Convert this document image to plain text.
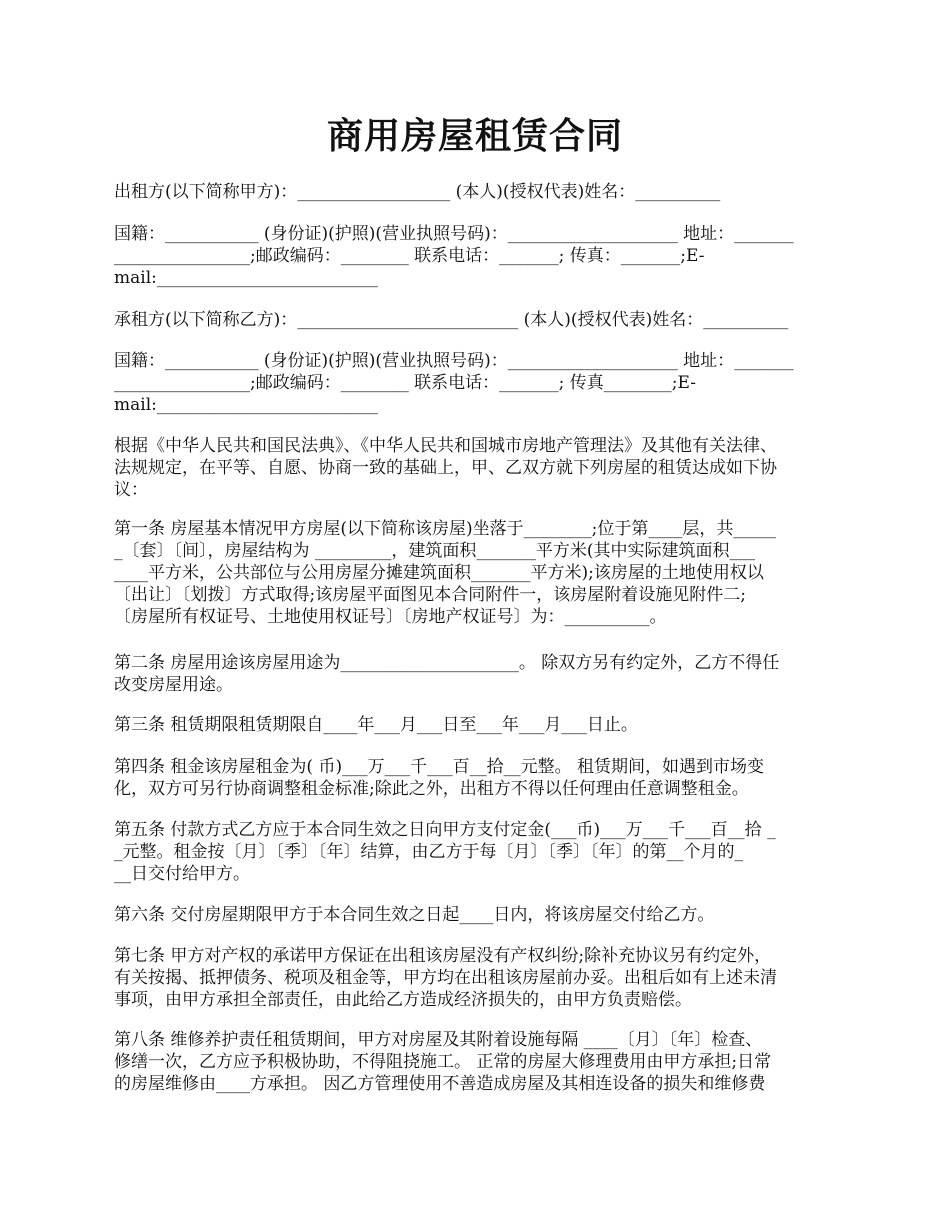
商用房屋租赁合同
出租方(以下简称甲方)：__________________ (本人)(授权代表)姓名：__________
国籍：___________ (身份证)(护照)(营业执照号码)：____________________ 地址：_______
________________;邮政编码：________ 联系电话：_______; 传真：_______;E-
mail:__________________________
承租方(以下简称乙方)：__________________________ (本人)(授权代表)姓名：__________
国籍：___________ (身份证)(护照)(营业执照号码)：____________________ 地址：_______
________________;邮政编码：________ 联系电话：_______; 传真________;E-
mail:__________________________
根据《中华人民共和国民法典》、《中华人民共和国城市房地产管理法》及其他有关法律、
法规规定，在平等、自愿、协商一致的基础上，甲、乙双方就下列房屋的租赁达成如下协
议：
第一条 房屋基本情况甲方房屋(以下简称该房屋)坐落于________;位于第____层，共_____
_〔套〕〔间〕，房屋结构为 _________，建筑面积_______平方米(其中实际建筑面积___
____平方米，公共部位与公用房屋分摊建筑面积_______平方米);该房屋的土地使用权以
〔出让〕〔划拨〕方式取得;该房屋平面图见本合同附件一，该房屋附着设施见附件二;
〔房屋所有权证号、土地使用权证号〕〔房地产权证号〕为：__________。
第二条 房屋用途该房屋用途为_____________________。 除双方另有约定外，乙方不得任
改变房屋用途。
第三条 租赁期限租赁期限自____年___月___日至___年___月___日止。
第四条 租金该房屋租金为( 币)___万___千___百__拾__元整。 租赁期间，如遇到市场变
化，双方可另行协商调整租金标准;除此之外，出租方不得以任何理由任意调整租金。
第五条 付款方式乙方应于本合同生效之日向甲方支付定金(___币)___万___千___百__拾 _
_元整。租金按〔月〕〔季〕〔年〕结算，由乙方于每〔月〕〔季〕〔年〕的第__个月的_
__日交付给甲方。
第六条 交付房屋期限甲方于本合同生效之日起____日内，将该房屋交付给乙方。
第七条 甲方对产权的承诺甲方保证在出租该房屋没有产权纠纷;除补充协议另有约定外，
有关按揭、抵押债务、税项及租金等，甲方均在出租该房屋前办妥。出租后如有上述未清
事项，由甲方承担全部责任，由此给乙方造成经济损失的，由甲方负责赔偿。
第八条 维修养护责任租赁期间，甲方对房屋及其附着设施每隔 ____〔月〕〔年〕检查、
修缮一次，乙方应予积极协助，不得阻挠施工。 正常的房屋大修理费用由甲方承担;日常
的房屋维修由____方承担。 因乙方管理使用不善造成房屋及其相连设备的损失和维修费
